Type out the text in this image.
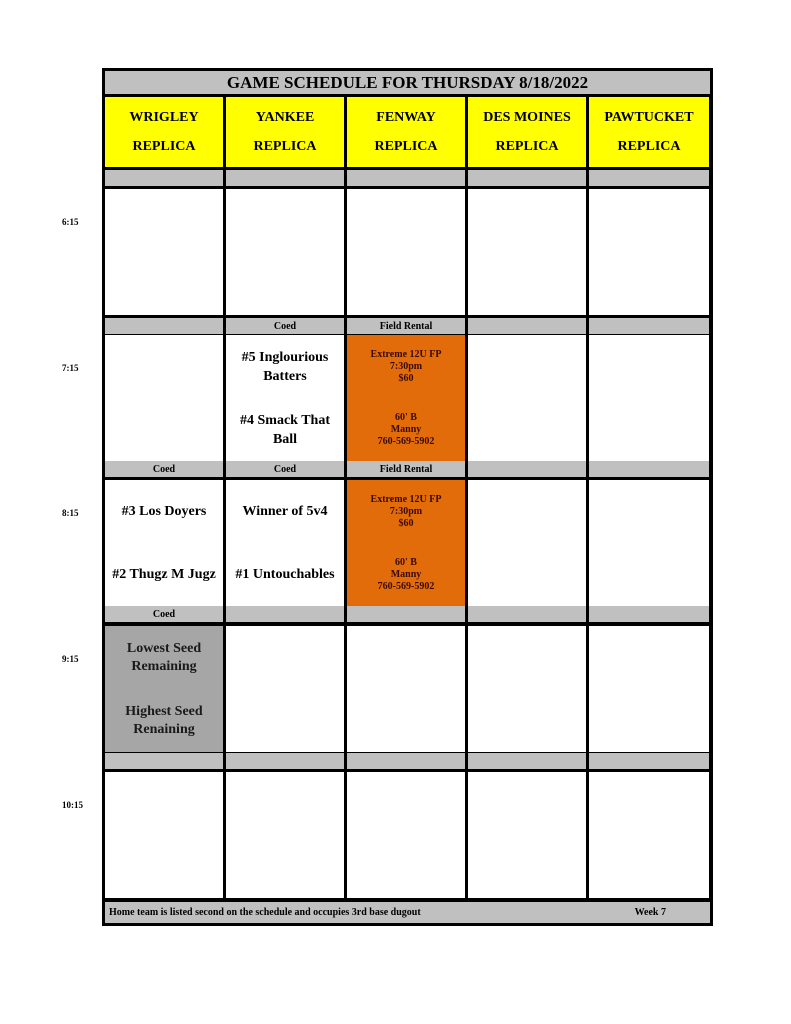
GAME SCHEDULE FOR THURSDAY 8/18/2022
WRIGLEY
REPLICA
YANKEE
REPLICA
FENWAY
REPLICA
DES MOINES
REPLICA
PAWTUCKET
REPLICA
Coed
#5 Inglourious Batters
#4 Smack That Ball
Field Rental
Extreme 12U FP
7:30pm
$60
60' B
Manny
760-569-5902
Coed
#3 Los Doyers
#2 Thugz M Jugz
Coed
Winner of 5v4
#1 Untouchables
Field Rental
Extreme 12U FP
7:30pm
$60
60' B
Manny
760-569-5902
Coed
Lowest Seed Remaining
Highest Seed Renaining
Home team is listed second on the schedule and occupies 3rd base dugout	Week 7
6:15
7:15
8:15
9:15
10:15
